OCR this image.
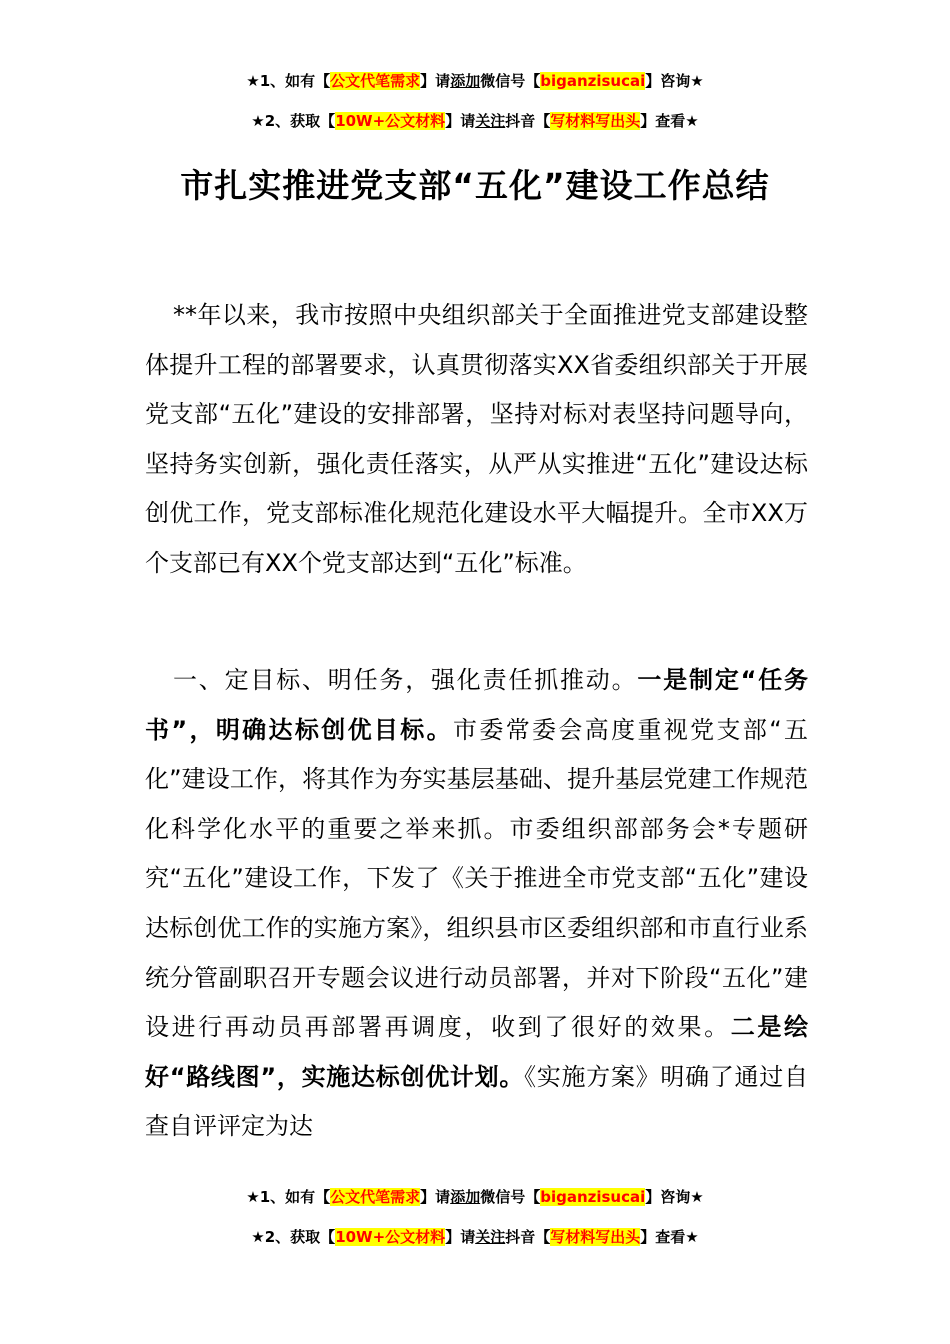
★1、如有【公文代笔需求】请添加微信号【biganzisucai】咨询★
★2、获取【10W+公文材料】请关注抖音【写材料写出头】查看★
市扎实推进党支部“五化”建设工作总结

**年以来，我市按照中央组织部关于全面推进党支部建设整体提升工程的部署要求，认真贯彻落实XX省委组织部关于开展党支部“五化”建设的安排部署，坚持对标对表坚持问题导向，坚持务实创新，强化责任落实，从严从实推进“五化”建设达标创优工作，党支部标准化规范化建设水平大幅提升。全市XX万个支部已有XX个党支部达到“五化”标准。

一、定目标、明任务，强化责任抓推动。一是制定“任务书”，明确达标创优目标。市委常委会高度重视党支部“五化”建设工作，将其作为夯实基层基础、提升基层党建工作规范化科学化水平的重要之举来抓。市委组织部部务会*专题研究“五化”建设工作，下发了《关于推进全市党支部“五化”建设达标创优工作的实施方案》，组织县市区委组织部和市直行业系统分管副职召开专题会议进行动员部署，并对下阶段“五化”建设进行再动员再部署再调度，收到了很好的效果。二是绘好“路线图”，实施达标创优计划。《实施方案》明确了通过自查自评评定为达

★1、如有【公文代笔需求】请添加微信号【biganzisucai】咨询★
★2、获取【10W+公文材料】请关注抖音【写材料写出头】查看★
